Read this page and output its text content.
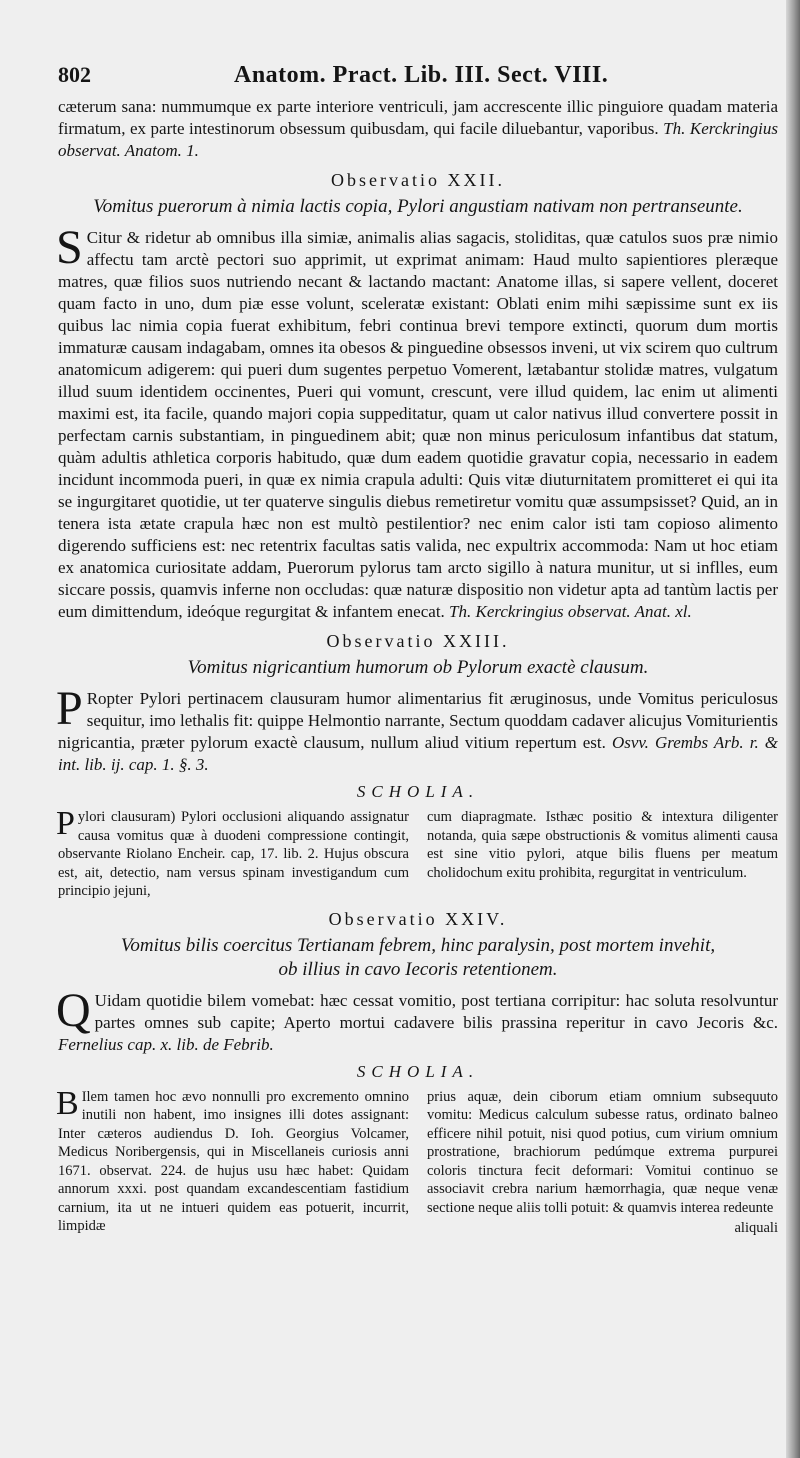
802	Anatom. Pract. Lib. III. Sect. VIII.

cæterum sana: nummumque ex parte interiore ventriculi, jam accrescente illic pinguiore quadam materia firmatum, ex parte intestinorum obsessum quibusdam, qui facile diluebantur, vaporibus. Th. Kerckringius observat. Anatom. 1.

Observatio XXII.
Vomitus puerorum à nimia lactis copia, Pylori angustiam nativam non pertranseunte.

S Citur & ridetur ab omnibus illa simiæ, animalis alias sagacis, stoliditas, quæ catulos suos præ nimio affectu tam arctè pectori suo apprimit, ut exprimat animam: Haud multo sapientiores pleræque matres, quæ filios suos nutriendo necant & lactando mactant: Anatome illas, si sapere vellent, doceret quam facto in uno, dum piæ esse volunt, sceleratæ existant: Oblati enim mihi sæpissime sunt ex iis quibus lac nimia copia fuerat exhibitum, febri continua brevi tempore extincti, quorum dum mortis immaturæ causam indagabam, omnes ita obesos & pinguedine obsessos inveni, ut vix scirem quo cultrum anatomicum adigerem: qui pueri dum sugentes perpetuo Vomerent, lætabantur stolidæ matres, vulgatum illud suum identidem occinentes, Pueri qui vomunt, crescunt, vere illud quidem, lac enim ut alimenti maximi est, ita facile, quando majori copia suppeditatur, quam ut calor nativus illud convertere possit in perfectam carnis substantiam, in pinguedinem abit; quæ non minus periculosum infantibus dat statum, quàm adultis athletica corporis habitudo, quæ dum eadem quotidie gravatur copia, necessario in eadem incidunt incommoda pueri, in quæ ex nimia crapula adulti: Quis vitæ diuturnitatem promitteret ei qui ita se ingurgitaret quotidie, ut ter quaterve singulis diebus remetiretur vomitu quæ assumpsisset? Quid, an in tenera ista ætate crapula hæc non est multò pestilentior? nec enim calor isti tam copioso alimento digerendo sufficiens est: nec retentrix facultas satis valida, nec expultrix accommoda: Nam ut hoc etiam ex anatomica curiositate addam, Puerorum pylorus tam arcto sigillo à natura munitur, ut si inflles, eum siccare possis, quamvis inferne non occludas: quæ naturæ dispositio non videtur apta ad tantùm lactis per eum dimittendum, ideóque regurgitat & infantem enecat. Th. Kerckringius observat. Anat. xl.

Observatio XXIII.
Vomitus nigricantium humorum ob Pylorum exactè clausum.

P Ropter Pylori pertinacem clausuram humor alimentarius fit æruginosus, unde Vomitus periculosus sequitur, imo lethalis fit: quippe Helmontio narrante, Sectum quoddam cadaver alicujus Vomiturientis nigricantia, præter pylorum exactè clausum, nullum aliud vitium repertum est. Osvv. Grembs Arb. r. & int. lib. ij. cap. 1. §. 3.

SCHOLIA.
Pylori clausuram) Pylori occlusioni aliquando assignatur causa vomitus quæ à duodeni compressione contingit, observante Riolano Encheir. cap, 17. lib. 2. Hujus obscura est, ait, detectio, nam versus spinam investigandum cum principio jejuni,
cum diapragmate. Isthæc positio & intextura diligenter notanda, quia sæpe obstructionis & vomitus alimenti causa est sine vitio pylori, atque bilis fluens per meatum cholidochum exitu prohibita, regurgitat in ventriculum.
Observatio XXIV.
Vomitus bilis coercitus Tertianam febrem, hinc paralysin, post mortem invehit,
ob illius in cavo Iecoris retentionem.

Q Uidam quotidie bilem vomebat: hæc cessat vomitio, post tertiana corripitur: hac soluta resolvuntur partes omnes sub capite; Aperto mortui cadavere bilis prassina reperitur in cavo Jecoris &c. Fernelius cap. x. lib. de Febrib.

SCHOLIA.
B Ilem tamen hoc ævo nonnulli pro excremento omnino inutili non habent, imo insignes illi dotes assignant: Inter cæteros audiendus D. Ioh. Georgius Volcamer, Medicus Noribergensis, qui in Miscellaneis curiosis anni 1671. observat. 224. de hujus usu hæc habet: Quidam annorum xxxi. post quandam excandescentiam fastidium carnium, ita ut ne intueri quidem eas potuerit, incurrit, limpidæ
prius aquæ, dein ciborum etiam omnium subsequuto vomitu: Medicus calculum subesse ratus, ordinato balneo efficere nihil potuit, nisi quod potius, cum virium omnium prostratione, brachiorum pedúmque extrema purpurei coloris tinctura fecit deformari: Vomitui continuo se associavit crebra narium hæmorrhagia, quæ neque venæ sectione neque aliis tolli potuit: & quamvis interea redeunte
aliquali
